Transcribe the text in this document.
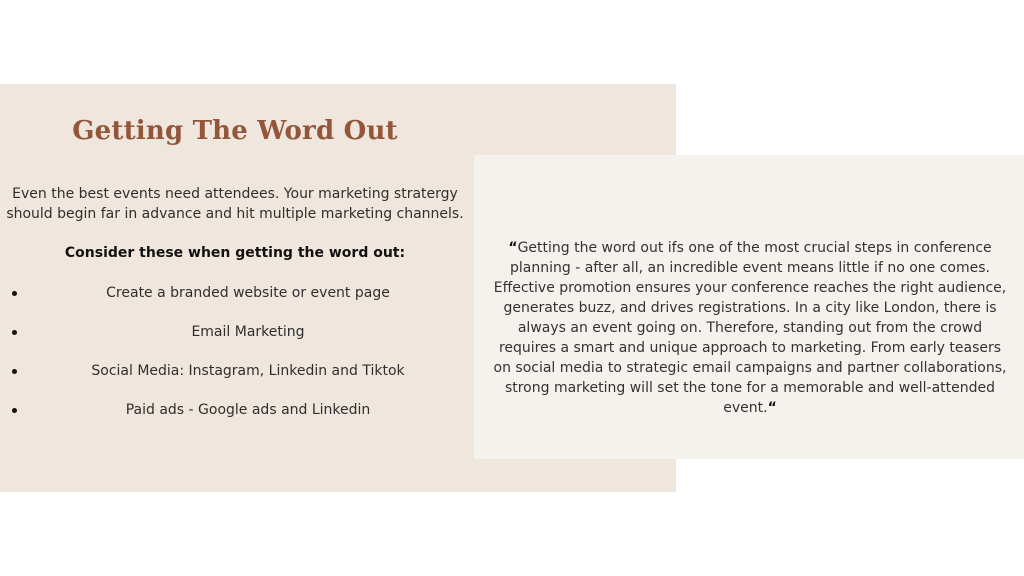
Getting The Word Out

Even the best events need attendees. Your marketing stratergy should begin far in advance and hit multiple marketing channels.

Consider these when getting the word out:

Create a branded website or event page
Email Marketing
Social Media: Instagram, Linkedin and Tiktok
Paid ads - Google ads and Linkedin

“Getting the word out ifs one of the most crucial steps in conference planning - after all, an incredible event means little if no one comes. Effective promotion ensures your conference reaches the right audience, generates buzz, and drives registrations. In a city like London, there is always an event going on. Therefore, standing out from the crowd requires a smart and unique approach to marketing. From early teasers on social media to strategic email campaigns and partner collaborations, strong marketing will set the tone for a memorable and well-attended event.“
